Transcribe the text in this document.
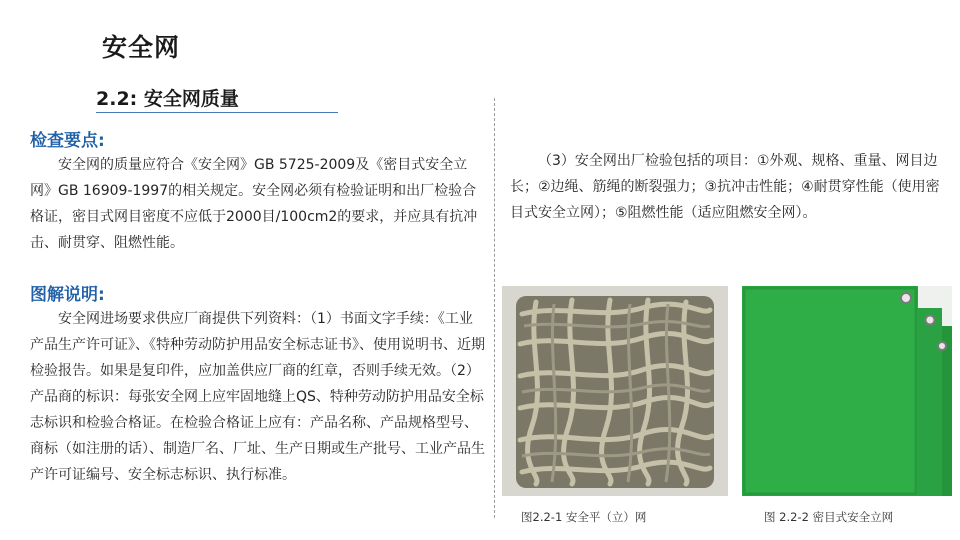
安全网
2.2: 安全网质量
检查要点:

安全网的质量应符合《安全网》GB 5725-2009及《密目式安全立网》GB 16909-1997的相关规定。安全网必须有检验证明和出厂检验合格证，密目式网目密度不应低于2000目/100cm2的要求，并应具有抗冲击、耐贯穿、阻燃性能。

图解说明:

安全网进场要求供应厂商提供下列资料：（1）书面文字手续：《工业产品生产许可证》、《特种劳动防护用品安全标志证书》、使用说明书、近期检验报告。如果是复印件，应加盖供应厂商的红章，否则手续无效。（2）产品商的标识：每张安全网上应牢固地缝上QS、特种劳动防护用品安全标志标识和检验合格证。在检验合格证上应有：产品名称、产品规格型号、商标（如注册的话）、制造厂名、厂址、生产日期或生产批号、工业产品生产许可证编号、安全标志标识、执行标准。

（3）安全网出厂检验包括的项目：①外观、规格、重量、网目边长；②边绳、筋绳的断裂强力；③抗冲击性能；④耐贯穿性能（使用密目式安全立网）；⑤阻燃性能（适应阻燃安全网）。

图2.2-1 安全平（立）网	图 2.2-2 密目式安全立网
